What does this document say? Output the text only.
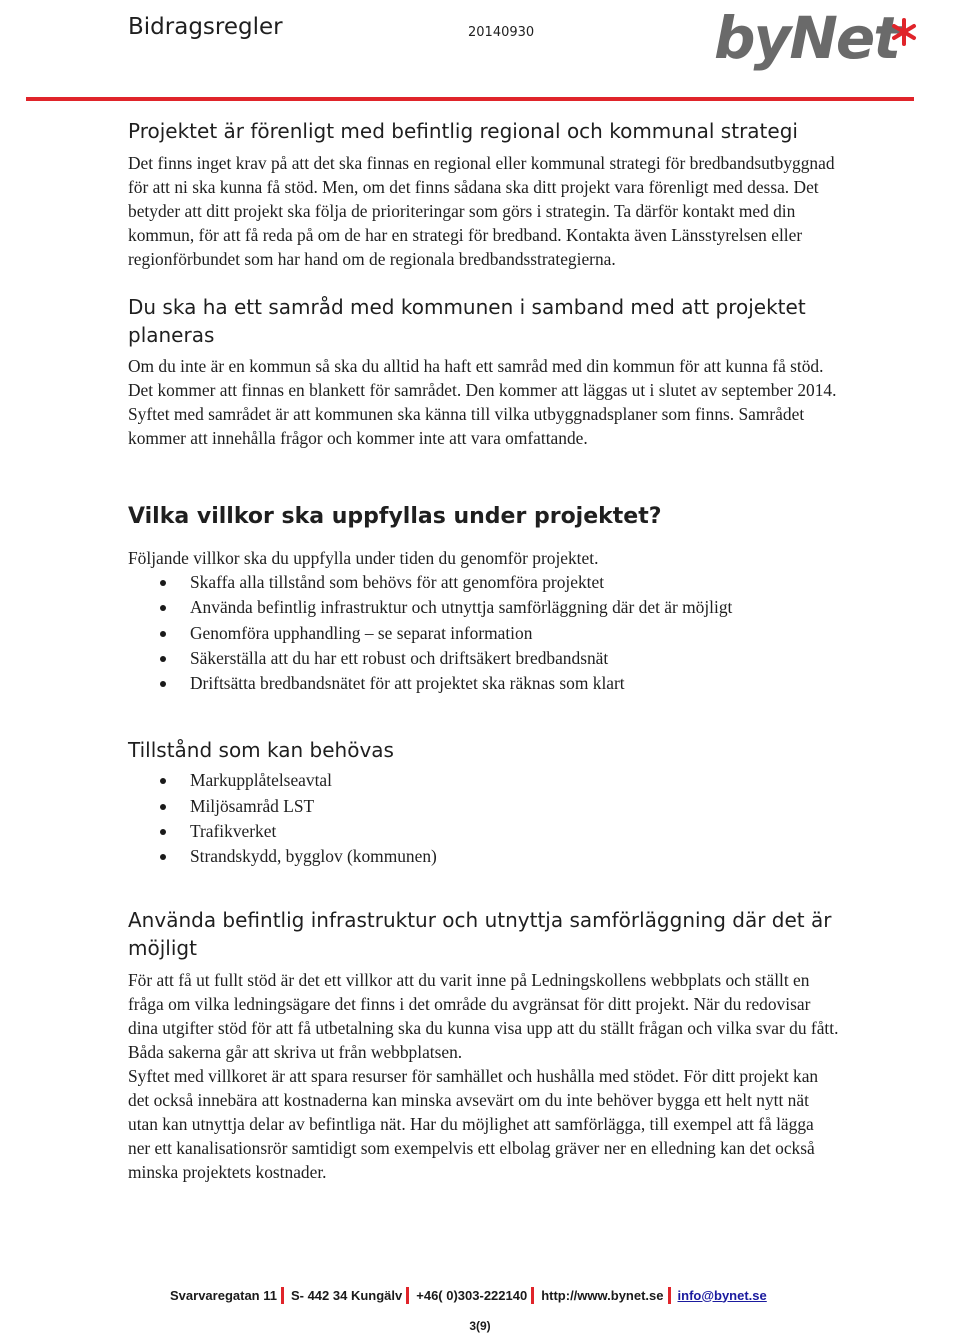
Bidragsregler	20140930	byNet
Projektet är förenligt med befintlig regional och kommunal strategi

Det finns inget krav på att det ska finnas en regional eller kommunal strategi för bredbandsutbyggnad för att ni ska kunna få stöd. Men, om det finns sådana ska ditt projekt vara förenligt med dessa. Det betyder att ditt projekt ska följa de prioriteringar som görs i strategin. Ta därför kontakt med din kommun, för att få reda på om de har en strategi för bredband. Kontakta även Länsstyrelsen eller regionförbundet som har hand om de regionala bredbandsstrategierna.

Du ska ha ett samråd med kommunen i samband med att projektet planeras

Om du inte är en kommun så ska du alltid ha haft ett samråd med din kommun för att kunna få stöd. Det kommer att finnas en blankett för samrådet. Den kommer att läggas ut i slutet av september 2014. Syftet med samrådet är att kommunen ska känna till vilka utbyggnadsplaner som finns. Samrådet kommer att innehålla frågor och kommer inte att vara omfattande.

Vilka villkor ska uppfyllas under projektet?

Följande villkor ska du uppfylla under tiden du genomför projektet.

Skaffa alla tillstånd som behövs för att genomföra projektet
Använda befintlig infrastruktur och utnyttja samförläggning där det är möjligt
Genomföra upphandling – se separat information
Säkerställa att du har ett robust och driftsäkert bredbandsnät
Driftsätta bredbandsnätet för att projektet ska räknas som klart
Tillstånd som kan behövas
Markupplåtelseavtal
Miljösamråd LST
Trafikverket
Strandskydd, bygglov (kommunen)
Använda befintlig infrastruktur och utnyttja samförläggning där det är möjligt

För att få ut fullt stöd är det ett villkor att du varit inne på Ledningskollens webbplats och ställt en fråga om vilka ledningsägare det finns i det område du avgränsat för ditt projekt. När du redovisar dina utgifter stöd för att få utbetalning ska du kunna visa upp att du ställt frågan och vilka svar du fått. Båda sakerna går att skriva ut från webbplatsen.

Syftet med villkoret är att spara resurser för samhället och hushålla med stödet. För ditt projekt kan det också innebära att kostnaderna kan minska avsevärt om du inte behöver bygga ett helt nytt nät utan kan utnyttja delar av befintliga nät. Har du möjlighet att samförlägga, till exempel att få lägga ner ett kanalisationsrör samtidigt som exempelvis ett elbolag gräver ner en elledning kan det också minska projektets kostnader.

Svarvaregatan 11 S- 442 34 Kungälv +46( 0)303-222140 http://www.bynet.se info@bynet.se
3(9)
